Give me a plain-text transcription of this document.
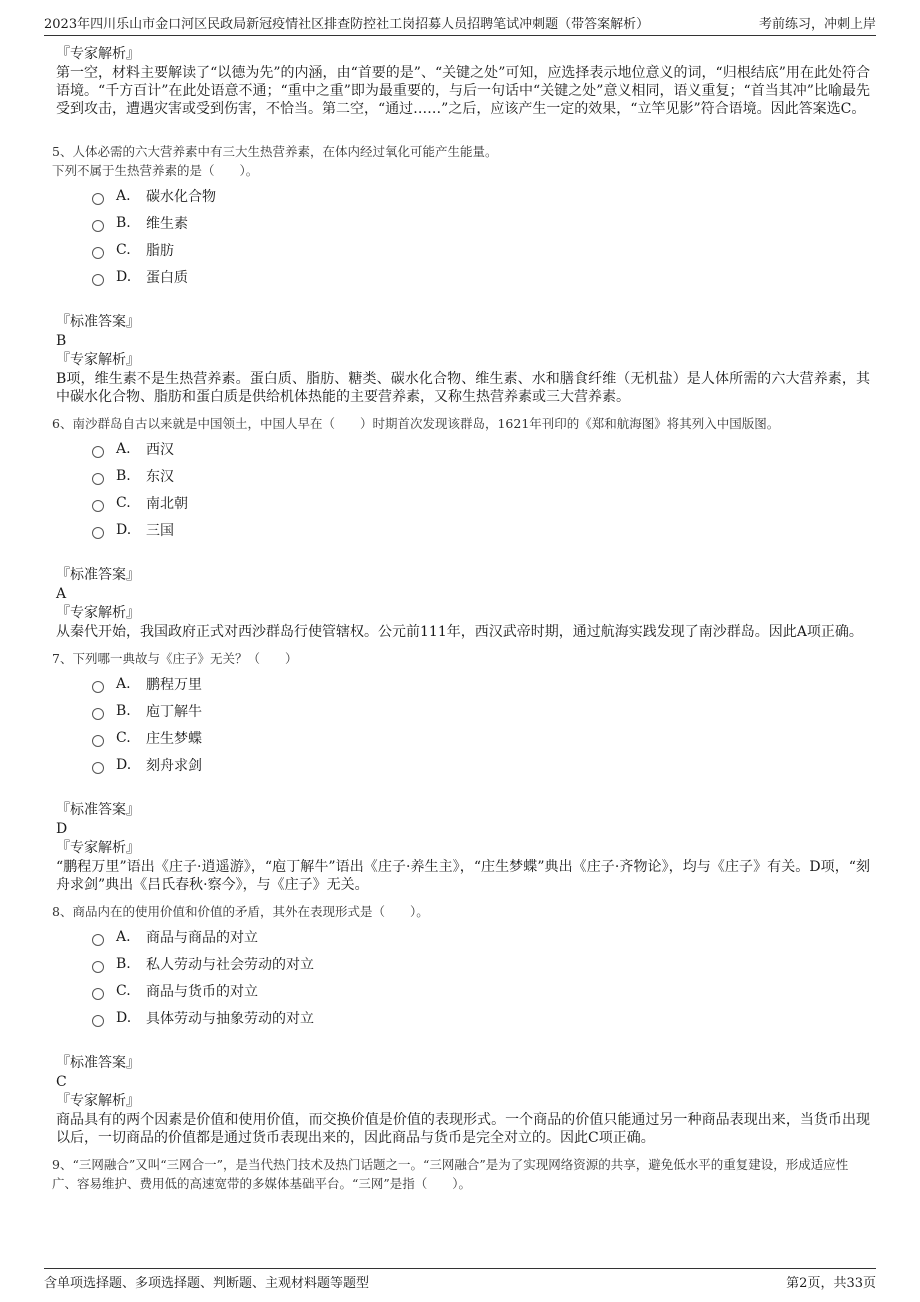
2023年四川乐山市金口河区民政局新冠疫情社区排查防控社工岗招募人员招聘笔试冲刺题（带答案解析）	考前练习，冲刺上岸
『专家解析』

第一空，材料主要解读了“以德为先”的内涵，由“首要的是”、“关键之处”可知，应选择表示地位意义的词，“归根结底”用在此处符合语境。“千方百计”在此处语意不通；“重中之重”即为最重要的，与后一句话中“关键之处”意义相同，语义重复；“首当其冲”比喻最先受到攻击，遭遇灾害或受到伤害，不恰当。第二空，“通过……”之后，应该产生一定的效果，“立竿见影”符合语境。因此答案选C。

5、人体必需的六大营养素中有三大生热营养素，在体内经过氧化可能产生能量。
下列不属于生热营养素的是（　　）。
A.	碳水化合物
B.	维生素
C.	脂肪
D.	蛋白质
『标准答案』
B
『专家解析』

B项，维生素不是生热营养素。蛋白质、脂肪、糖类、碳水化合物、维生素、水和膳食纤维（无机盐）是人体所需的六大营养素，其中碳水化合物、脂肪和蛋白质是供给机体热能的主要营养素，又称生热营养素或三大营养素。

6、南沙群岛自古以来就是中国领土，中国人早在（　　）时期首次发现该群岛，1621年刊印的《郑和航海图》将其列入中国版图。
A.	西汉
B.	东汉
C.	南北朝
D.	三国
『标准答案』
A
『专家解析』

从秦代开始，我国政府正式对西沙群岛行使管辖权。公元前111年，西汉武帝时期，通过航海实践发现了南沙群岛。因此A项正确。

7、下列哪一典故与《庄子》无关？（　　）
A.	鹏程万里
B.	庖丁解牛
C.	庄生梦蝶
D.	刻舟求剑
『标准答案』
D
『专家解析』

“鹏程万里”语出《庄子·逍遥游》，“庖丁解牛”语出《庄子·养生主》，“庄生梦蝶”典出《庄子·齐物论》，均与《庄子》有关。D项，“刻舟求剑”典出《吕氏春秋·察今》，与《庄子》无关。

8、商品内在的使用价值和价值的矛盾，其外在表现形式是（　　）。
A.	商品与商品的对立
B.	私人劳动与社会劳动的对立
C.	商品与货币的对立
D.	具体劳动与抽象劳动的对立
『标准答案』
C
『专家解析』

商品具有的两个因素是价值和使用价值，而交换价值是价值的表现形式。一个商品的价值只能通过另一种商品表现出来，当货币出现以后，一切商品的价值都是通过货币表现出来的，因此商品与货币是完全对立的。因此C项正确。

9、“三网融合”又叫“三网合一”，是当代热门技术及热门话题之一。“三网融合”是为了实现网络资源的共享，避免低水平的重复建设，形成适应性广、容易维护、费用低的高速宽带的多媒体基础平台。“三网”是指（　　）。
含单项选择题、多项选择题、判断题、主观材料题等题型	第2页，共33页
